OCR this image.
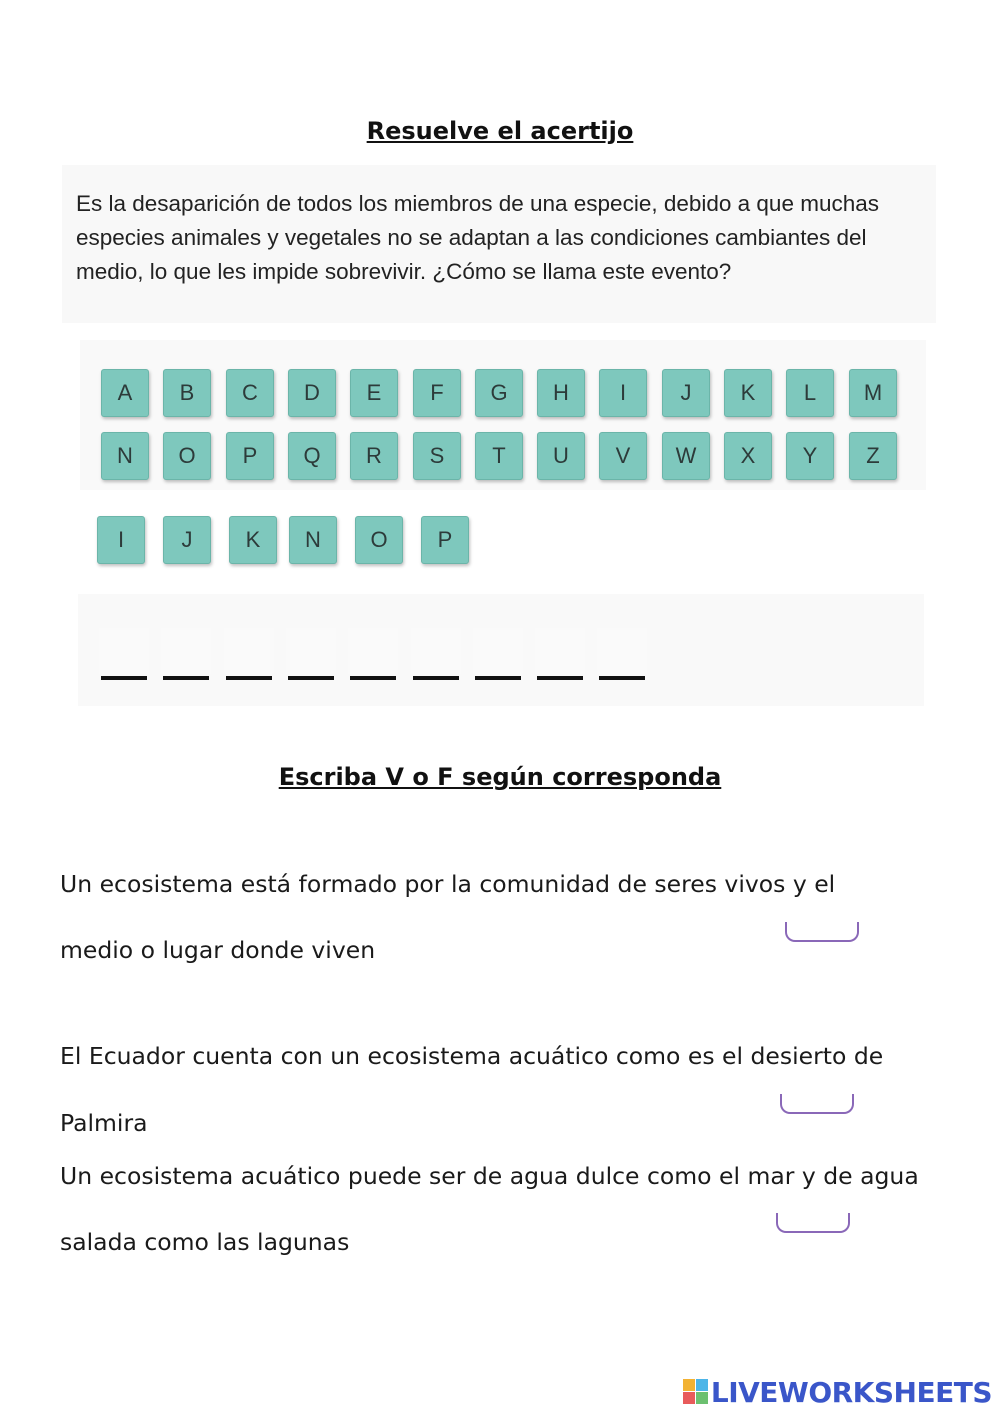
Resuelve el acertijo
Es la desaparición de todos los miembros de una especie, debido a que muchas especies animales y vegetales no se adaptan a las condiciones cambiantes del medio, lo que les impide sobrevivir. ¿Cómo se llama este evento?
A	B	C	D	E	F	G	H	I	J	K	L	M
N	O	P	Q	R	S	T	U	V	W	X	Y	Z
I	J	K	N	O	P
Escriba V o F según corresponda
Un ecosistema está formado por la comunidad de seres vivos y el
medio o lugar donde viven
El Ecuador cuenta con un ecosistema acuático como es el desierto de
Palmira
Un ecosistema acuático puede ser de agua dulce como el mar y de agua
salada como las lagunas
LIVEWORKSHEETS
